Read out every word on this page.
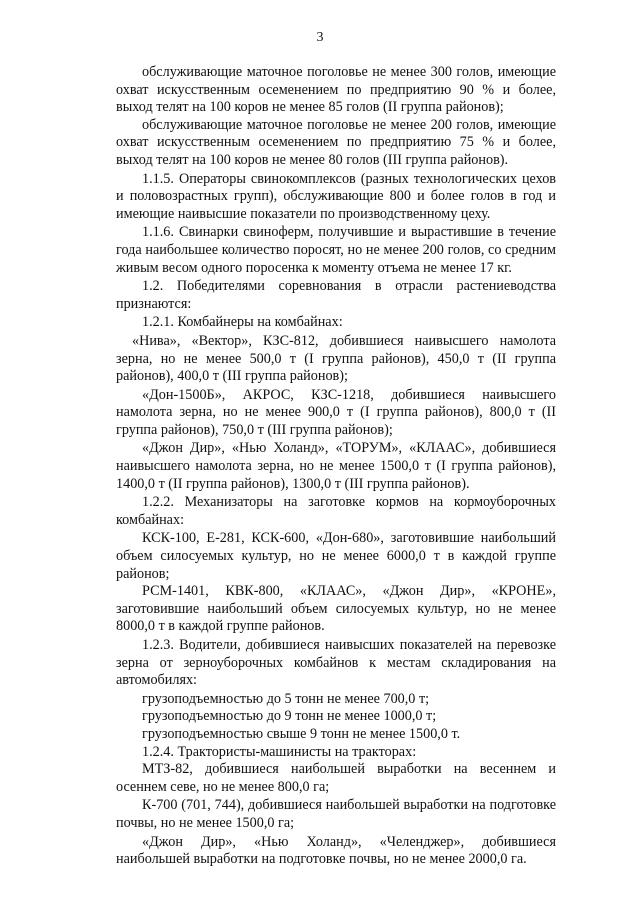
3

обслуживающие маточное поголовье не менее 300 голов, имеющие охват искусственным осеменением по предприятию 90 % и более, выход телят на 100 коров не менее 85 голов (II группа районов);

обслуживающие маточное поголовье не менее 200 голов, имеющие охват искусственным осеменением по предприятию 75 % и более, выход телят на 100 коров не менее 80 голов (III группа районов).

1.1.5. Операторы свинокомплексов (разных технологических цехов и половозрастных групп), обслуживающие 800 и более голов в год и имеющие наивысшие показатели по производственному цеху.

1.1.6. Свинарки свиноферм, получившие и вырастившие в течение года наибольшее количество поросят, но не менее 200 голов, со средним живым весом одного поросенка к моменту отъема не менее 17 кг.

1.2. Победителями соревнования в отрасли растениеводства признаются:

1.2.1. Комбайнеры на комбайнах:

«Нива», «Вектор», КЗС-812, добившиеся наивысшего намолота зерна, но не менее 500,0 т (I группа районов), 450,0 т (II группа районов), 400,0 т (III группа районов);

«Дон-1500Б», АКРОС, КЗС-1218, добившиеся наивысшего намолота зерна, но не менее 900,0 т (I группа районов), 800,0 т (II группа районов), 750,0 т (III группа районов);

«Джон Дир», «Нью Холанд», «ТОРУМ», «КЛААС», добившиеся наивысшего намолота зерна, но не менее 1500,0 т (I группа районов), 1400,0 т (II группа районов), 1300,0 т (III группа районов).

1.2.2. Механизаторы на заготовке кормов на кормоуборочных комбайнах:

КСК-100, Е-281, КСК-600, «Дон-680», заготовившие наибольший объем силосуемых культур, но не менее 6000,0 т в каждой группе районов;

РСМ-1401, КВК-800, «КЛААС», «Джон Дир», «КРОНЕ», заготовившие наибольший объем силосуемых культур, но не менее 8000,0 т в каждой группе районов.

1.2.3. Водители, добившиеся наивысших показателей на перевозке зерна от зерноуборочных комбайнов к местам складирования на автомобилях:

грузоподъемностью до 5 тонн не менее 700,0 т;

грузоподъемностью до 9 тонн не менее 1000,0 т;

грузоподъемностью свыше 9 тонн не менее 1500,0 т.

1.2.4. Трактористы-машинисты на тракторах:

МТЗ-82, добившиеся наибольшей выработки на весеннем и осеннем севе, но не менее 800,0 га;

К-700 (701, 744), добившиеся наибольшей выработки на подготовке почвы, но не менее 1500,0 га;

«Джон Дир», «Нью Холанд», «Челенджер», добившиеся наибольшей выработки на подготовке почвы, но не менее 2000,0 га.
